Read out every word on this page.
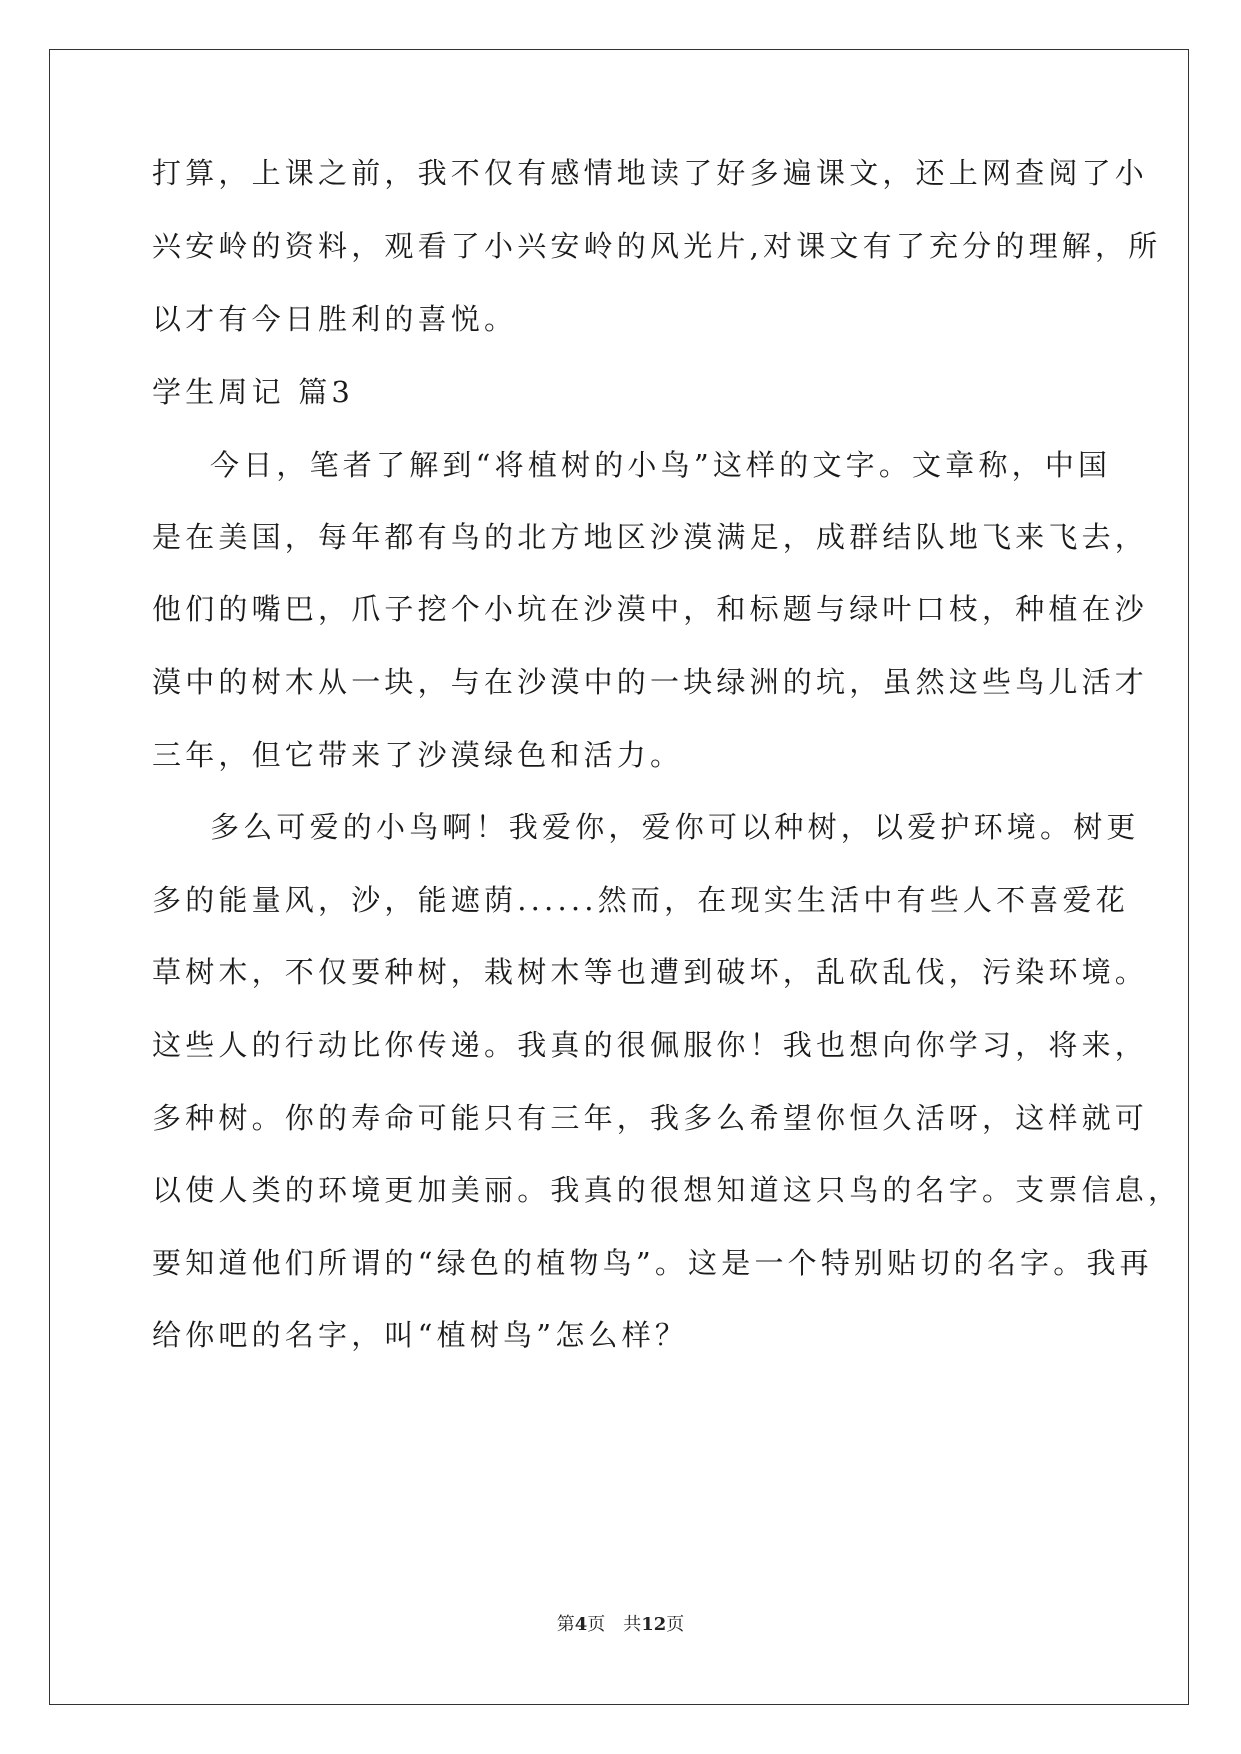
打算，上课之前，我不仅有感情地读了好多遍课文，还上网查阅了小
兴安岭的资料，观看了小兴安岭的风光片,对课文有了充分的理解，所
以才有今日胜利的喜悦。
学生周记 篇3
今日，笔者了解到“将植树的小鸟”这样的文字。文章称，中国
是在美国，每年都有鸟的北方地区沙漠满足，成群结队地飞来飞去，
他们的嘴巴，爪子挖个小坑在沙漠中，和标题与绿叶口枝，种植在沙
漠中的树木从一块，与在沙漠中的一块绿洲的坑，虽然这些鸟儿活才
三年，但它带来了沙漠绿色和活力。
多么可爱的小鸟啊！我爱你，爱你可以种树，以爱护环境。树更
多的能量风，沙，能遮荫......然而，在现实生活中有些人不喜爱花
草树木，不仅要种树，栽树木等也遭到破坏，乱砍乱伐，污染环境。
这些人的行动比你传递。我真的很佩服你！我也想向你学习，将来，
多种树。你的寿命可能只有三年，我多么希望你恒久活呀，这样就可
以使人类的环境更加美丽。我真的很想知道这只鸟的名字。支票信息，
要知道他们所谓的“绿色的植物鸟”。这是一个特别贴切的名字。我再
给你吧的名字，叫“植树鸟”怎么样？
第4页　共12页
